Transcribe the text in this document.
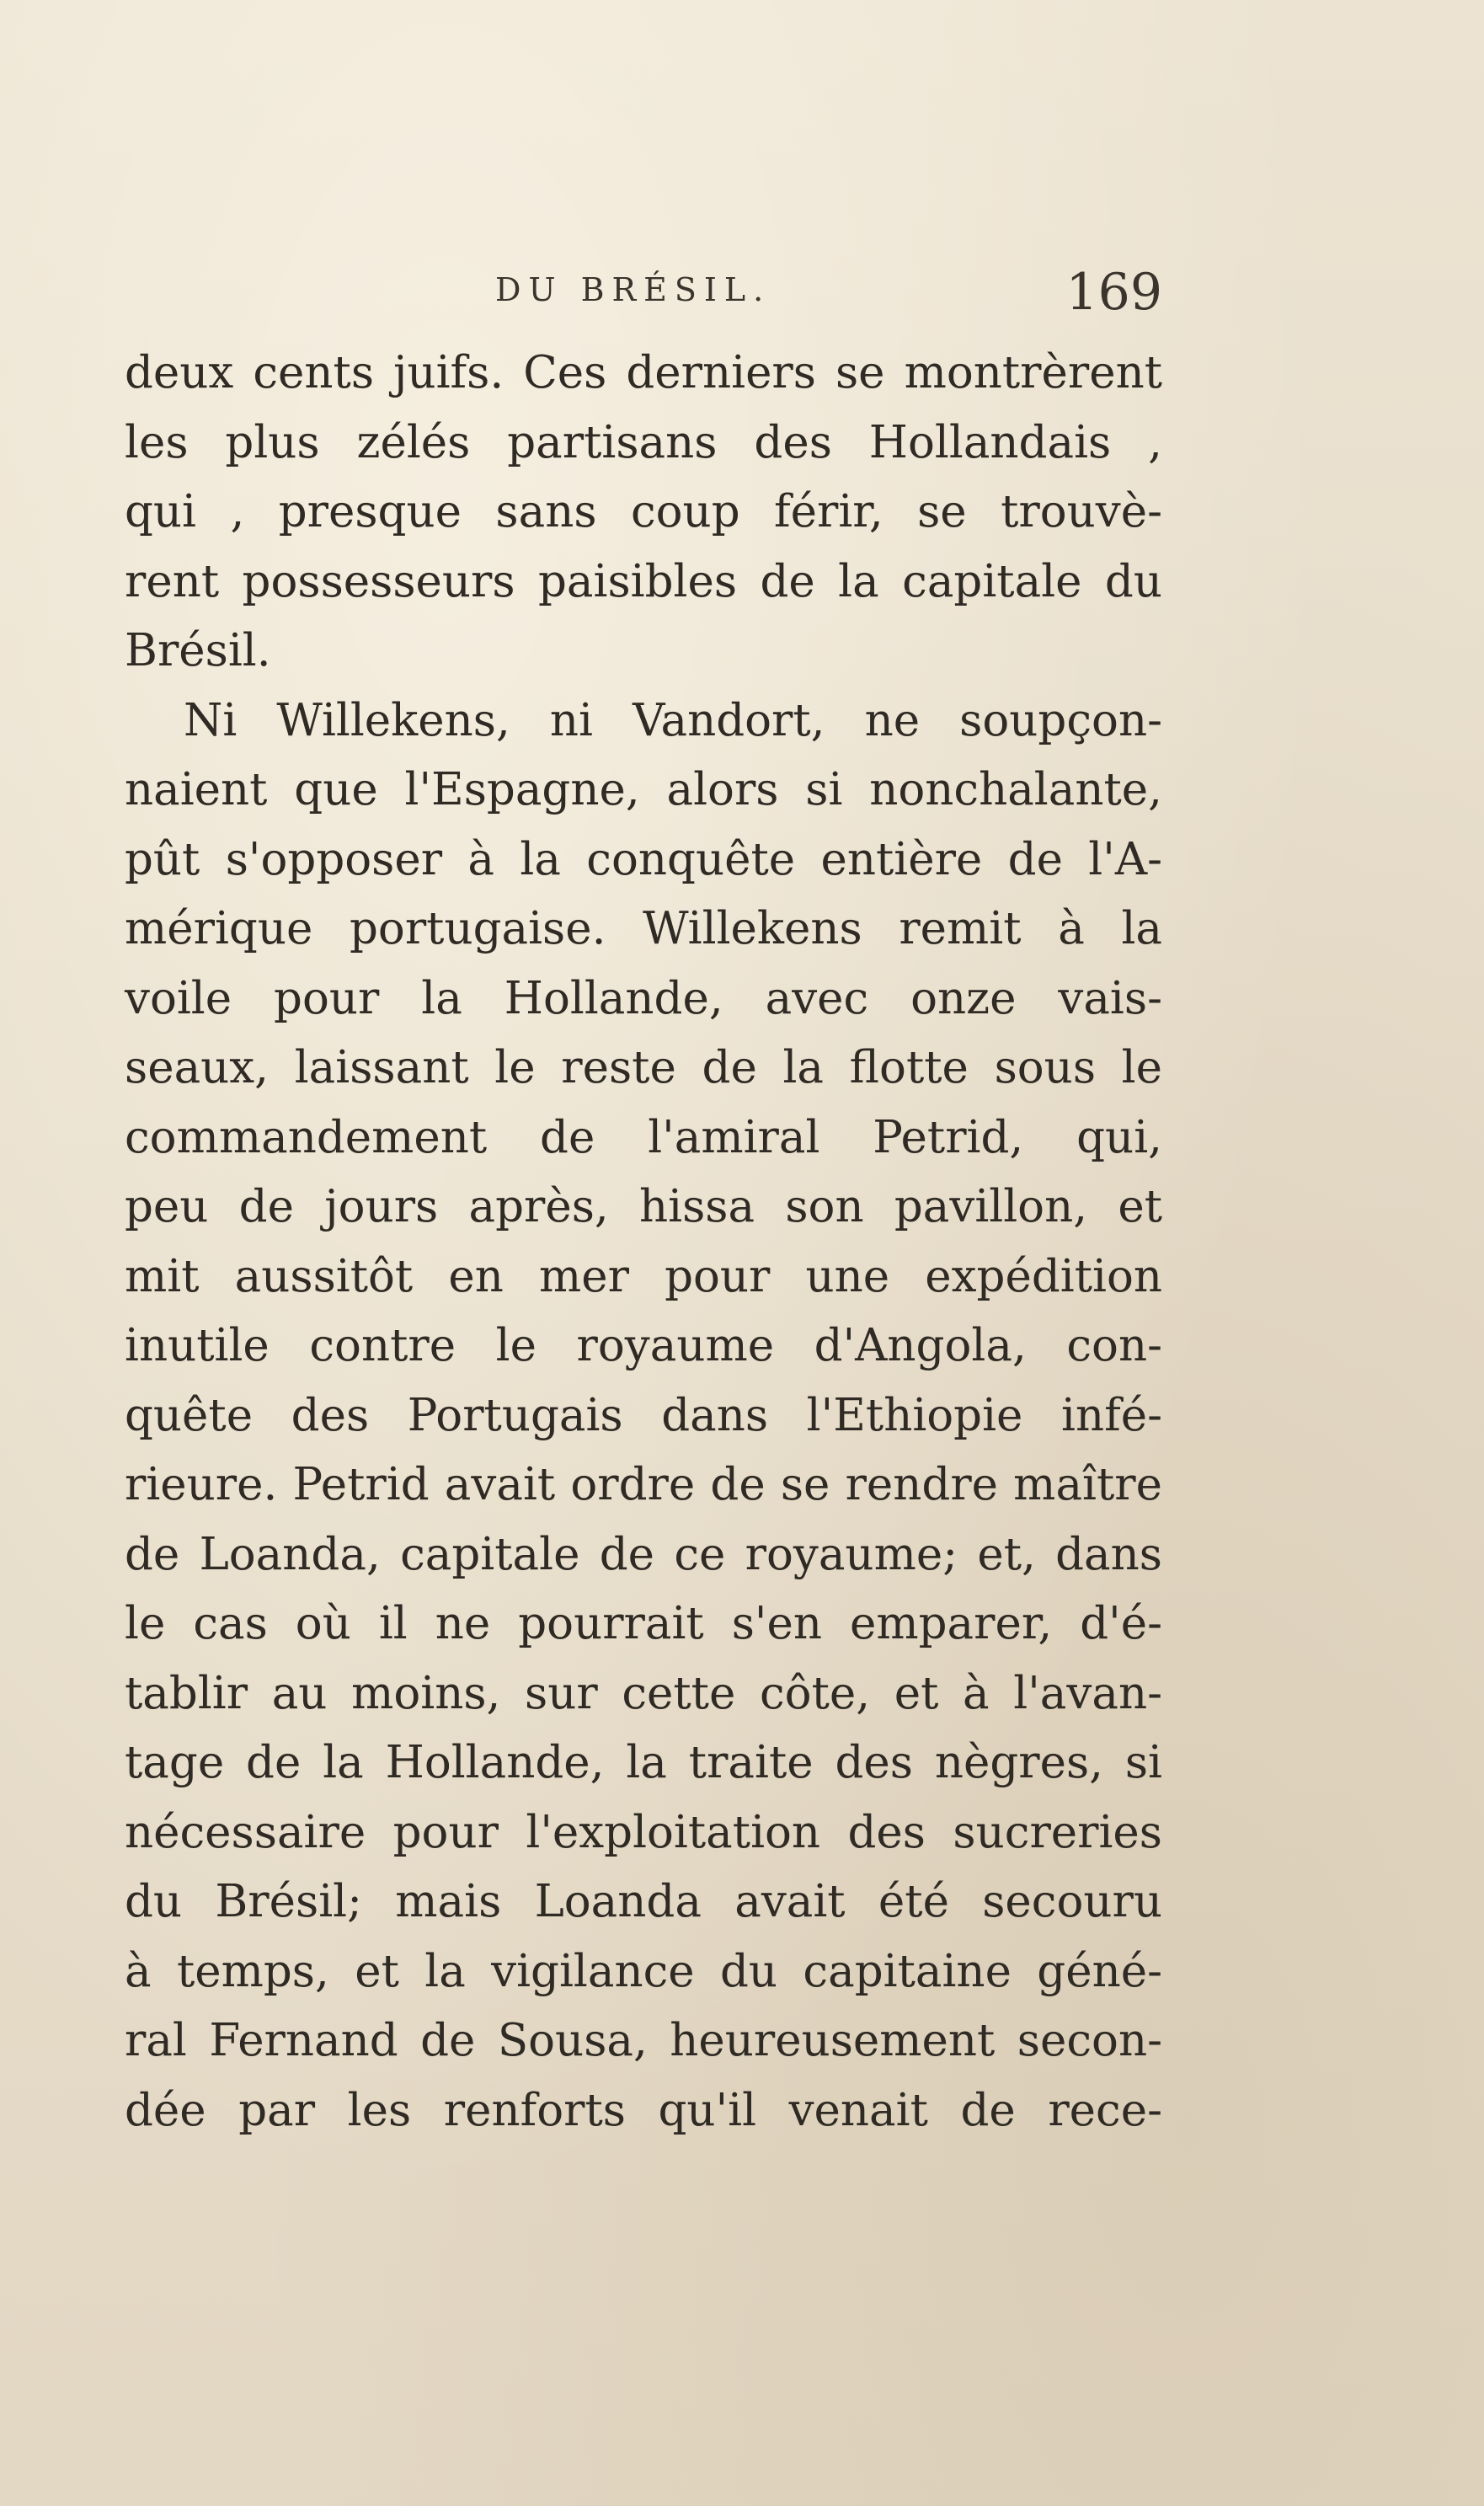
DU BRÉSIL.	169
deux cents juifs. Ces derniers se montrèrent
les plus zélés partisans des Hollandais ,
qui , presque sans coup férir, se trouvè-
rent possesseurs paisibles de la capitale du
Brésil.
Ni Willekens, ni Vandort, ne soupçon-
naient que l'Espagne, alors si nonchalante,
pût s'opposer à la conquête entière de l'A-
mérique portugaise. Willekens remit à la
voile pour la Hollande, avec onze vais-
seaux, laissant le reste de la flotte sous le
commandement de l'amiral Petrid, qui,
peu de jours après, hissa son pavillon, et
mit aussitôt en mer pour une expédition
inutile contre le royaume d'Angola, con-
quête des Portugais dans l'Ethiopie infé-
rieure. Petrid avait ordre de se rendre maître
de Loanda, capitale de ce royaume; et, dans
le cas où il ne pourrait s'en emparer, d'é-
tablir au moins, sur cette côte, et à l'avan-
tage de la Hollande, la traite des nègres, si
nécessaire pour l'exploitation des sucreries
du Brésil; mais Loanda avait été secouru
à temps, et la vigilance du capitaine géné-
ral Fernand de Sousa, heureusement secon-
dée par les renforts qu'il venait de rece-
